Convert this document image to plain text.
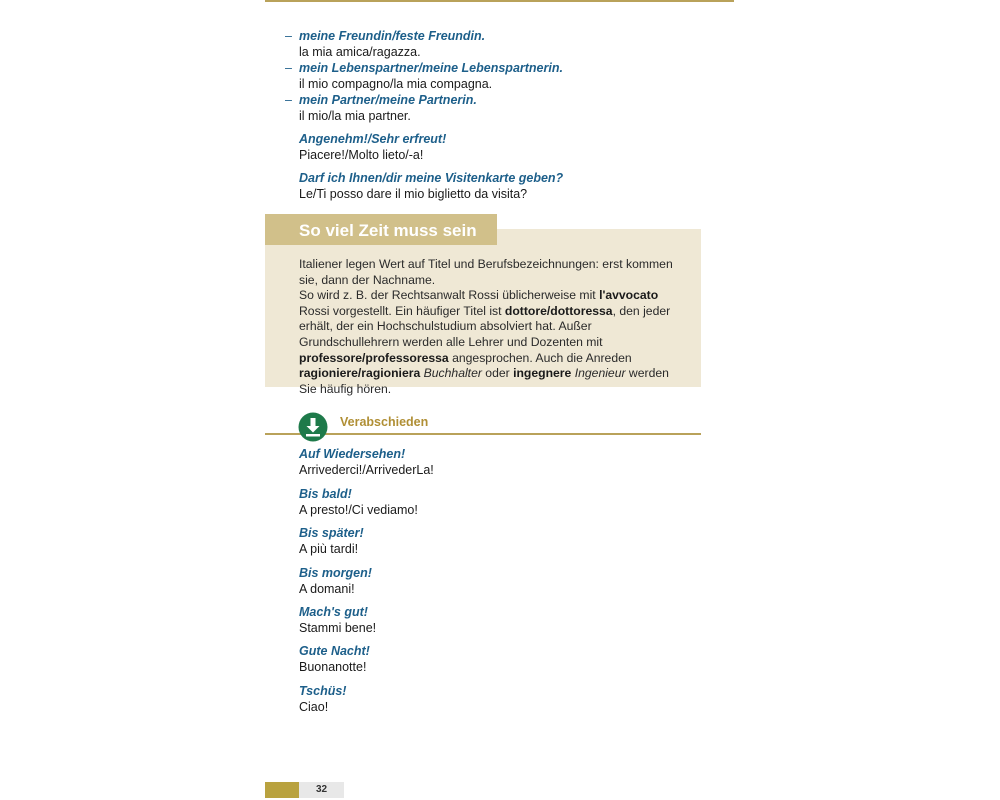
– meine Freundin/feste Freundin.
la mia amica/ragazza.
– mein Lebenspartner/meine Lebenspartnerin.
il mio compagno/la mia compagna.
– mein Partner/meine Partnerin.
il mio/la mia partner.
Angenehm!/Sehr erfreut!
Piacere!/Molto lieto/-a!
Darf ich Ihnen/dir meine Visitenkarte geben?
Le/Ti posso dare il mio biglietto da visita?
So viel Zeit muss sein

Italiener legen Wert auf Titel und Berufsbezeichnungen: erst kommen sie, dann der Nachname.

So wird z. B. der Rechtsanwalt Rossi üblicherweise mit l'avvocato Rossi vorgestellt. Ein häufiger Titel ist dottore/dottoressa, den jeder erhält, der ein Hochschulstudium absolviert hat. Außer Grundschullehrern werden alle Lehrer und Dozenten mit professore/professoressa angesprochen. Auch die Anreden ragioniere/ragioniera Buchhalter oder ingegnere Ingenieur werden Sie häufig hören.

Verabschieden
Auf Wiedersehen!
Arrivederci!/ArrivederLa!
Bis bald!
A presto!/Ci vediamo!
Bis später!
A più tardi!
Bis morgen!
A domani!
Mach's gut!
Stammi bene!
Gute Nacht!
Buonanotte!
Tschüs!
Ciao!
32
